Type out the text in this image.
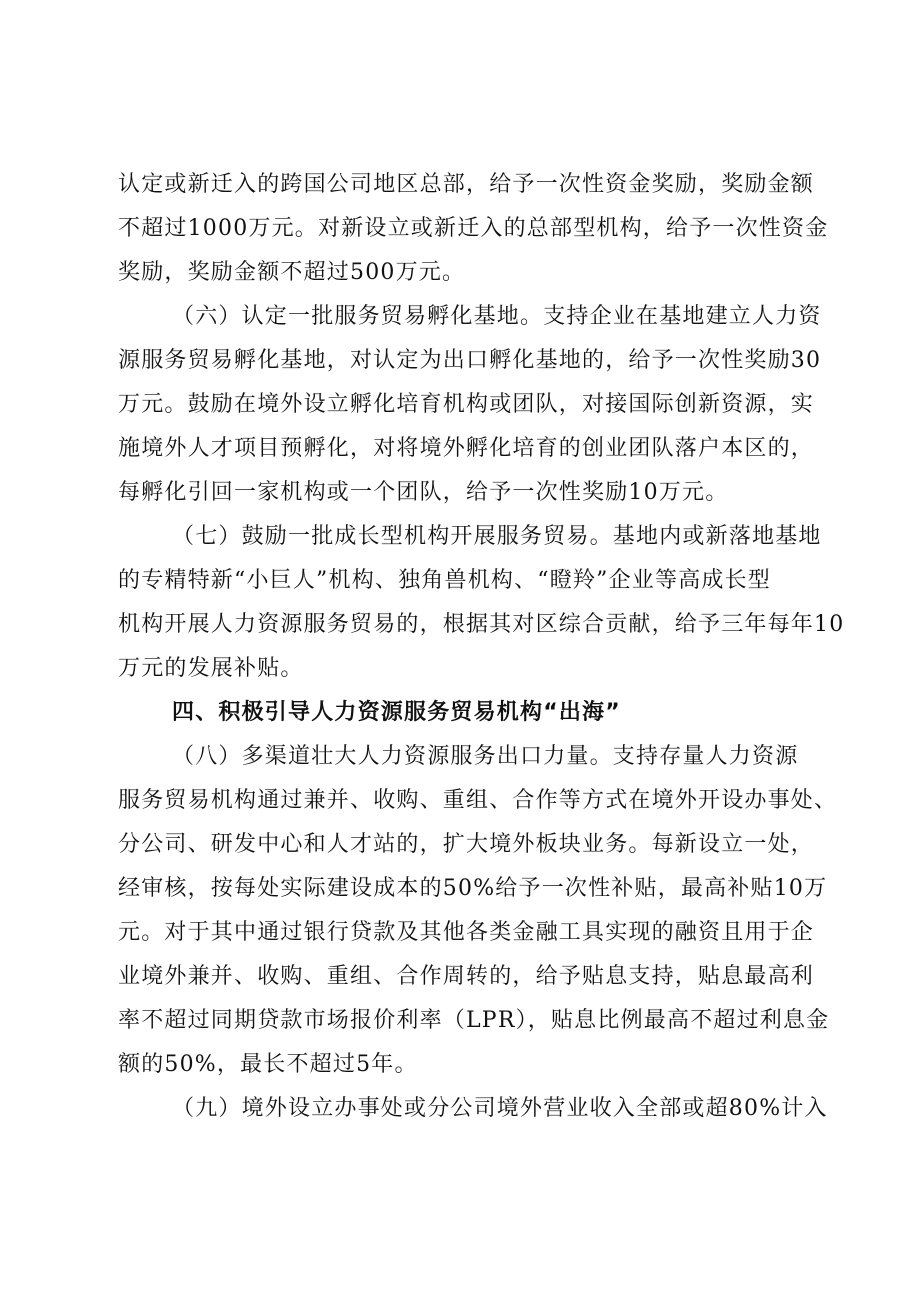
认定或新迁入的跨国公司地区总部，给予一次性资金奖励，奖励金额
不超过1000万元。对新设立或新迁入的总部型机构，给予一次性资金
奖励，奖励金额不超过500万元。
（六）认定一批服务贸易孵化基地。支持企业在基地建立人力资
源服务贸易孵化基地，对认定为出口孵化基地的，给予一次性奖励30
万元。鼓励在境外设立孵化培育机构或团队，对接国际创新资源，实
施境外人才项目预孵化，对将境外孵化培育的创业团队落户本区的，
每孵化引回一家机构或一个团队，给予一次性奖励10万元。
（七）鼓励一批成长型机构开展服务贸易。基地内或新落地基地
的专精特新“小巨人”机构、独角兽机构、“瞪羚”企业等高成长型
机构开展人力资源服务贸易的，根据其对区综合贡献，给予三年每年10
万元的发展补贴。
四、积极引导人力资源服务贸易机构“出海”
（八）多渠道壮大人力资源服务出口力量。支持存量人力资源
服务贸易机构通过兼并、收购、重组、合作等方式在境外开设办事处、
分公司、研发中心和人才站的，扩大境外板块业务。每新设立一处，
经审核，按每处实际建设成本的50%给予一次性补贴，最高补贴10万
元。对于其中通过银行贷款及其他各类金融工具实现的融资且用于企
业境外兼并、收购、重组、合作周转的，给予贴息支持，贴息最高利
率不超过同期贷款市场报价利率（LPR），贴息比例最高不超过利息金
额的50%，最长不超过5年。
（九）境外设立办事处或分公司境外营业收入全部或超80%计入
